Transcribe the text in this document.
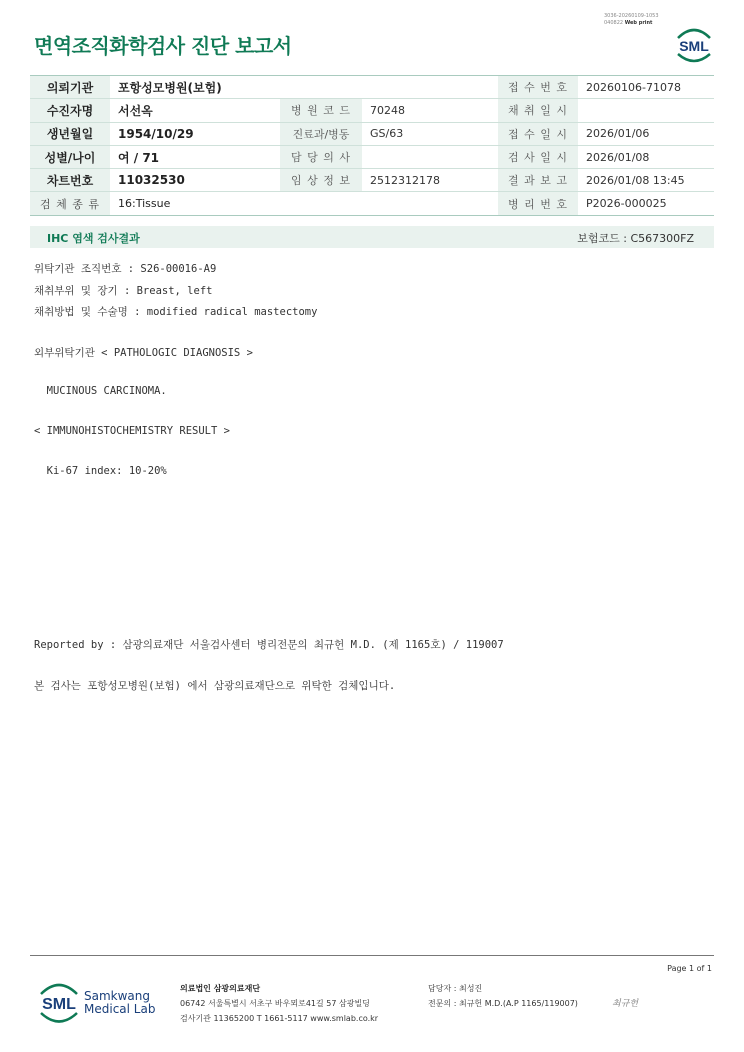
3036-20260109-1053
040822 Web print
면역조직화학검사 진단 보고서	SML
의뢰기관	포항성모병원(보험)			접 수 번 호	20260106-71078
수진자명	서선옥	병 원 코 드	70248	채 취 일 시	
생년월일	1954/10/29	진료과/병동	GS/63	접 수 일 시	2026/01/06
성별/나이	여 / 71	담 당 의 사		검 사 일 시	2026/01/08
차트번호	11032530	임 상 정 보	2512312178	결 과 보 고	2026/01/08 13:45
검 체 종 류	16:Tissue			병 리 번 호	P2026-000025
IHC 염색 검사결과	보험코드 : C567300FZ
위탁기관 조직번호 : S26-00016-A9
채취부위 및 장기 : Breast, left
채취방법 및 수술명 : modified radical mastectomy
외부위탁기관 < PATHOLOGIC DIAGNOSIS >
MUCINOUS CARCINOMA.
< IMMUNOHISTOCHEMISTRY RESULT >
Ki-67 index: 10-20%
Reported by : 삼광의료재단 서울검사센터 병리전문의 최규헌 M.D. (제 1165호) / 119007
본 검사는 포항성모병원(보험) 에서 삼광의료재단으로 위탁한 검체입니다.
Page 1 of 1
SML Samkwang
Medical Lab
의료법인 삼광의료재단
06742 서울특별시 서초구 바우뫼로41길 57 삼광빌딩
검사기관 11365200 T 1661-5117 www.smlab.co.kr
담당자 : 최성진
전문의 : 최규헌 M.D.(A.P 1165/119007)	최규헌
